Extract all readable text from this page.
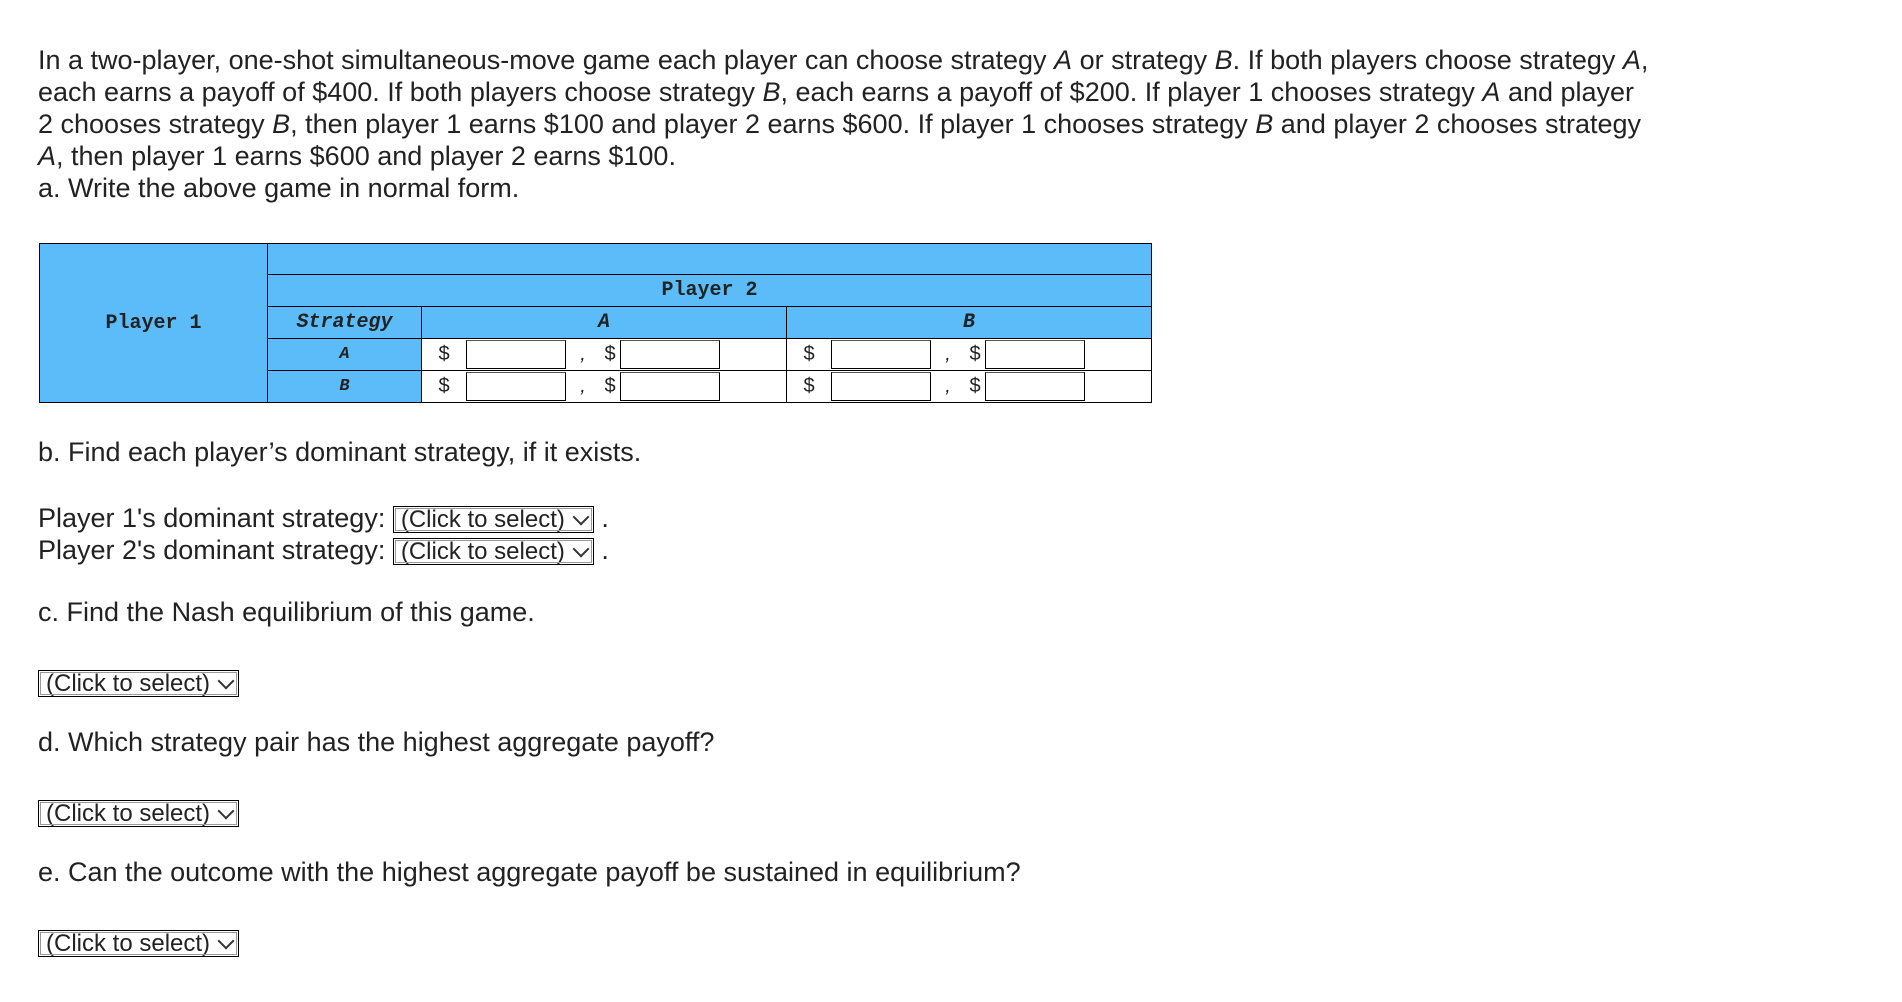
In a two-player, one-shot simultaneous-move game each player can choose strategy A or strategy B. If both players choose strategy A,
each earns a payoff of $400. If both players choose strategy B, each earns a payoff of $200. If player 1 chooses strategy A and player
2 chooses strategy B, then player 1 earns $100 and player 2 earns $600. If player 1 chooses strategy B and player 2 chooses strategy
A, then player 1 earns $600 and player 2 earns $100.
a. Write the above game in normal form.

Player 1			
	Player 2		
	Strategy	A	B
	A	$ , $	$ , $

	B	$ , $	$ , $

b. Find each player’s dominant strategy, if it exists.

Player 1's dominant strategy: (Click to select) .
Player 2's dominant strategy: (Click to select) .

c. Find the Nash equilibrium of this game.

(Click to select)

d. Which strategy pair has the highest aggregate payoff?

(Click to select)

e. Can the outcome with the highest aggregate payoff be sustained in equilibrium?

(Click to select)
